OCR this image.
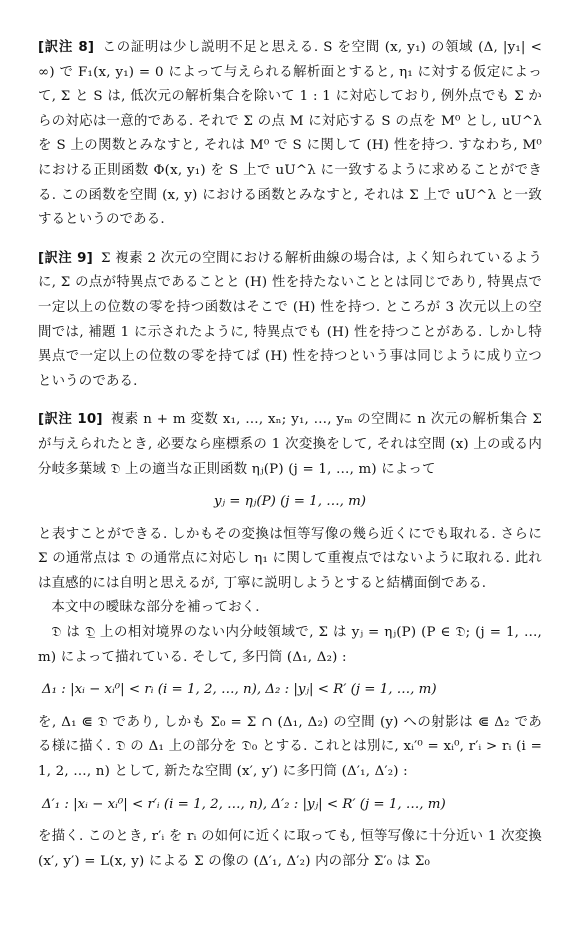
[訳注 8] この証明は少し説明不足と思える. S を空間 (x, y₁) の領域 (Δ, |y₁| < ∞) で F₁(x, y₁) = 0 によって与えられる解析面とすると, η₁ に対する仮定によって, Σ と S は, 低次元の解析集合を除いて 1 : 1 に対応しており, 例外点でも Σ からの対応は一意的である. それで Σ の点 M に対応する S の点を M⁰ とし, uU^λ を S 上の関数とみなすと, それは M⁰ で S に関して (H) 性を持つ. すなわち, M⁰ における正則函数 Φ(x, y₁) を S 上で uU^λ に一致するように求めることができる. この函数を空間 (x, y) における函数とみなすと, それは Σ 上で uU^λ と一致するというのである.

[訳注 9] Σ 複素 2 次元の空間における解析曲線の場合は, よく知られているように, Σ の点が特異点であることと (H) 性を持たないこととは同じであり, 特異点で一定以上の位数の零を持つ函数はそこで (H) 性を持つ. ところが 3 次元以上の空間では, 補題 1 に示されたように, 特異点でも (H) 性を持つことがある. しかし特異点で一定以上の位数の零を持てば (H) 性を持つという事は同じように成り立つというのである.

[訳注 10] 複素 n + m 変数 x₁, …, xₙ; y₁, …, yₘ の空間に n 次元の解析集合 Σ が与えられたとき, 必要なら座標系の 1 次変換をして, それは空間 (x) 上の或る内分岐多葉域 𝔇 上の適当な正則函数 ηⱼ(P) (j = 1, …, m) によって

yⱼ = ηⱼ(P) (j = 1, …, m)

と表すことができる. しかもその変換は恒等写像の幾ら近くにでも取れる. さらに Σ の通常点は 𝔇 の通常点に対応し η₁ に関して重複点ではないように取れる. 此れは直感的には自明と思えるが, 丁寧に説明しようとすると結構面倒である.

本文中の曖昧な部分を補っておく.

𝔇 は 𝔇̲ 上の相対境界のない内分岐領域で, Σ は yⱼ = ηⱼ(P) (P ∈ 𝔇; (j = 1, …, m) によって描れている. そして, 多円筒 (Δ₁, Δ₂) :

Δ₁ : |xᵢ − xᵢ⁰| < rᵢ (i = 1, 2, …, n), Δ₂ : |yⱼ| < R′ (j = 1, …, m)

を, Δ₁ ⋐ 𝔇 であり, しかも Σ₀ = Σ ∩ (Δ₁, Δ₂) の空間 (y) への射影は ⋐ Δ₂ である様に描く. 𝔇 の Δ₁ 上の部分を 𝔇₀ とする. これとは別に, xᵢ′⁰ = xᵢ⁰, r′ᵢ > rᵢ (i = 1, 2, …, n) として, 新たな空間 (x′, y′) に多円筒 (Δ′₁, Δ′₂) :

Δ′₁ : |xᵢ − xᵢ⁰| < r′ᵢ (i = 1, 2, …, n), Δ′₂ : |yⱼ| < R′ (j = 1, …, m)

を描く. このとき, r′ᵢ を rᵢ の如何に近くに取っても, 恒等写像に十分近い 1 次変換 (x′, y′) = L(x, y) による Σ の像の (Δ′₁, Δ′₂) 内の部分 Σ′₀ は Σ₀
